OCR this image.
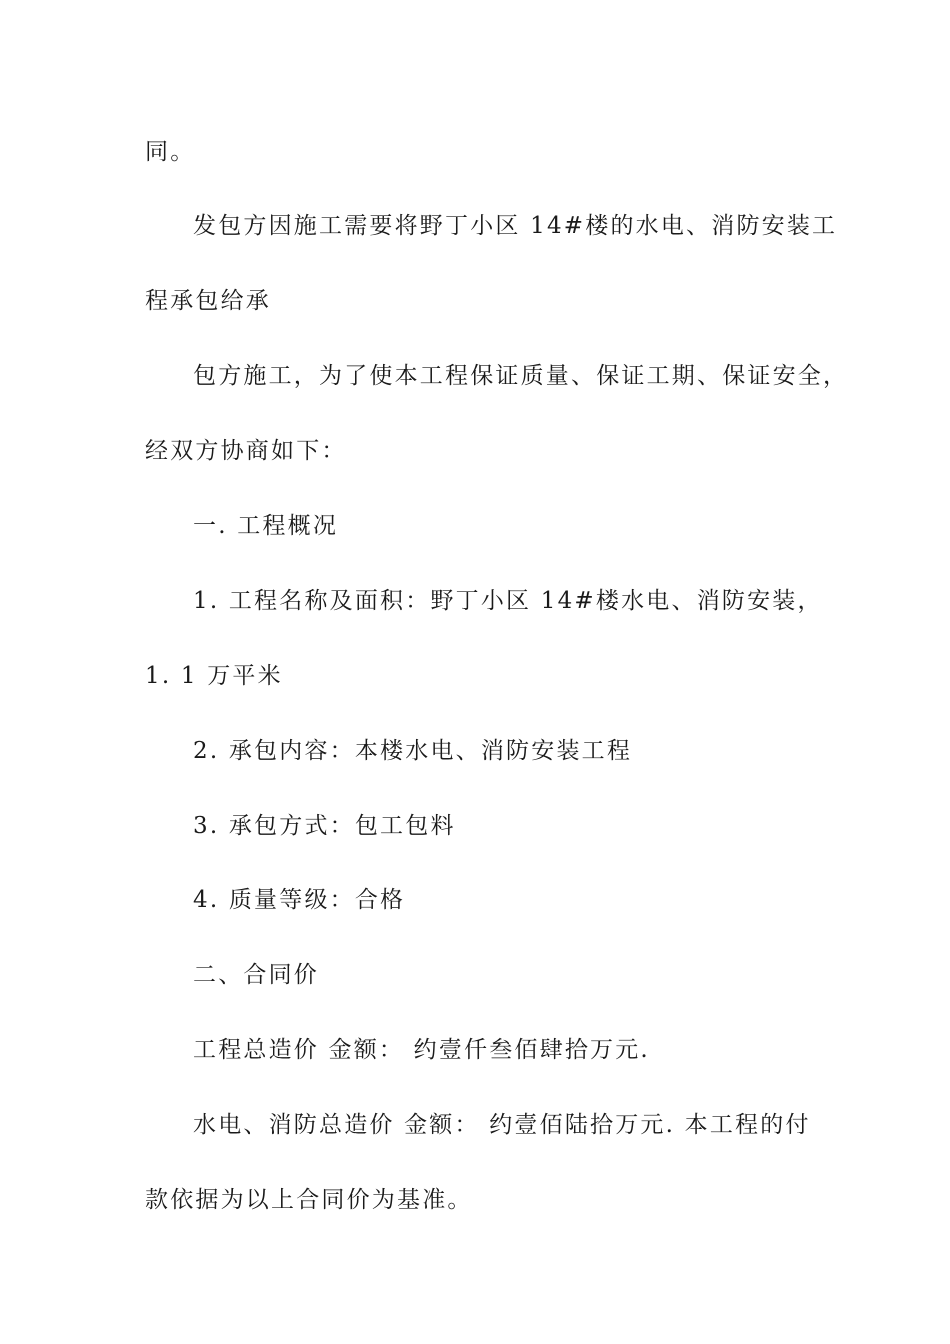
同。
发包方因施工需要将野丁小区 14#楼的水电、消防安装工
程承包给承
包方施工，为了使本工程保证质量、保证工期、保证安全，
经双方协商如下：
一. 工程概况
1. 工程名称及面积：野丁小区 14#楼水电、消防安装，
1. 1 万平米
2. 承包内容：本楼水电、消防安装工程
3. 承包方式：包工包料
4. 质量等级：合格
二、合同价
工程总造价 金额： 约壹仟叁佰肆拾万元.
水电、消防总造价 金额： 约壹佰陆拾万元. 本工程的付
款依据为以上合同价为基准。
